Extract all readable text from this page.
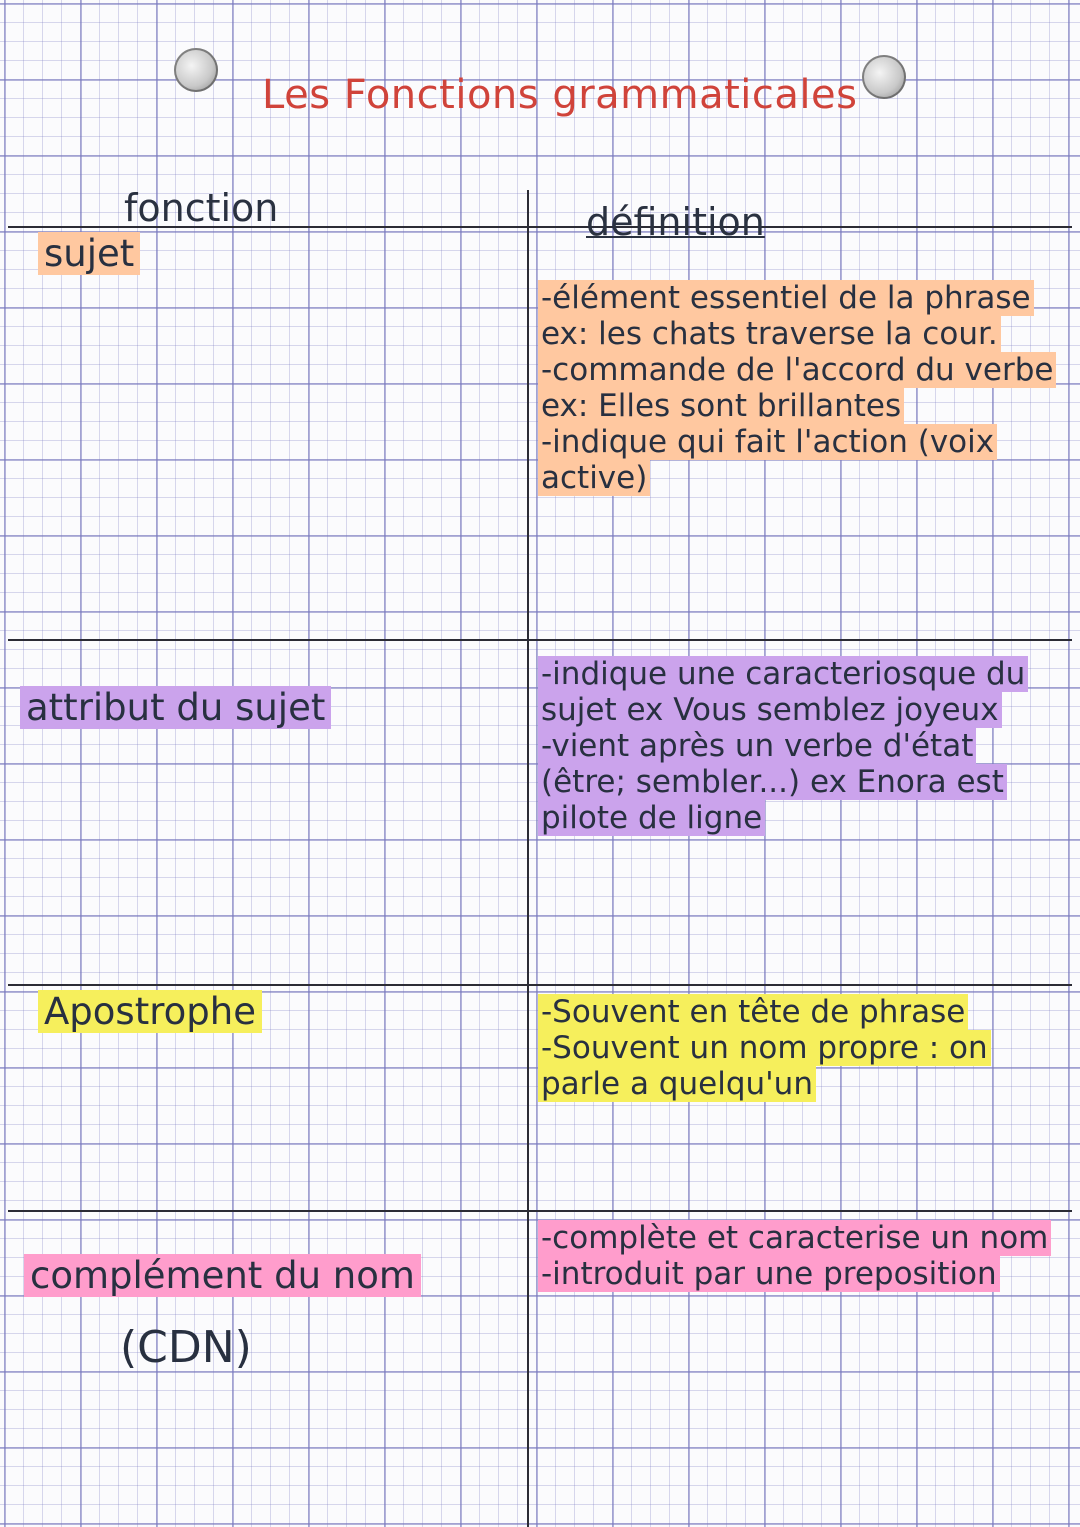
Les Fonctions grammaticales
fonction	définition
sujet
-élément essentiel de la phrase ex: les chats traverse la cour.
-commande de l'accord du verbe ex: Elles sont brillantes
-indique qui fait l'action (voix active)
attribut du sujet
-indique une caracteriosque du sujet ex Vous semblez joyeux
-vient après un verbe d'état (être; sembler...) ex Enora est pilote de ligne
Apostrophe	-Souvent en tête de phrase
-Souvent un nom propre : on parle a quelqu'un
complément du nom
(CDN)
-complète et caracterise un nom
-introduit par une preposition
